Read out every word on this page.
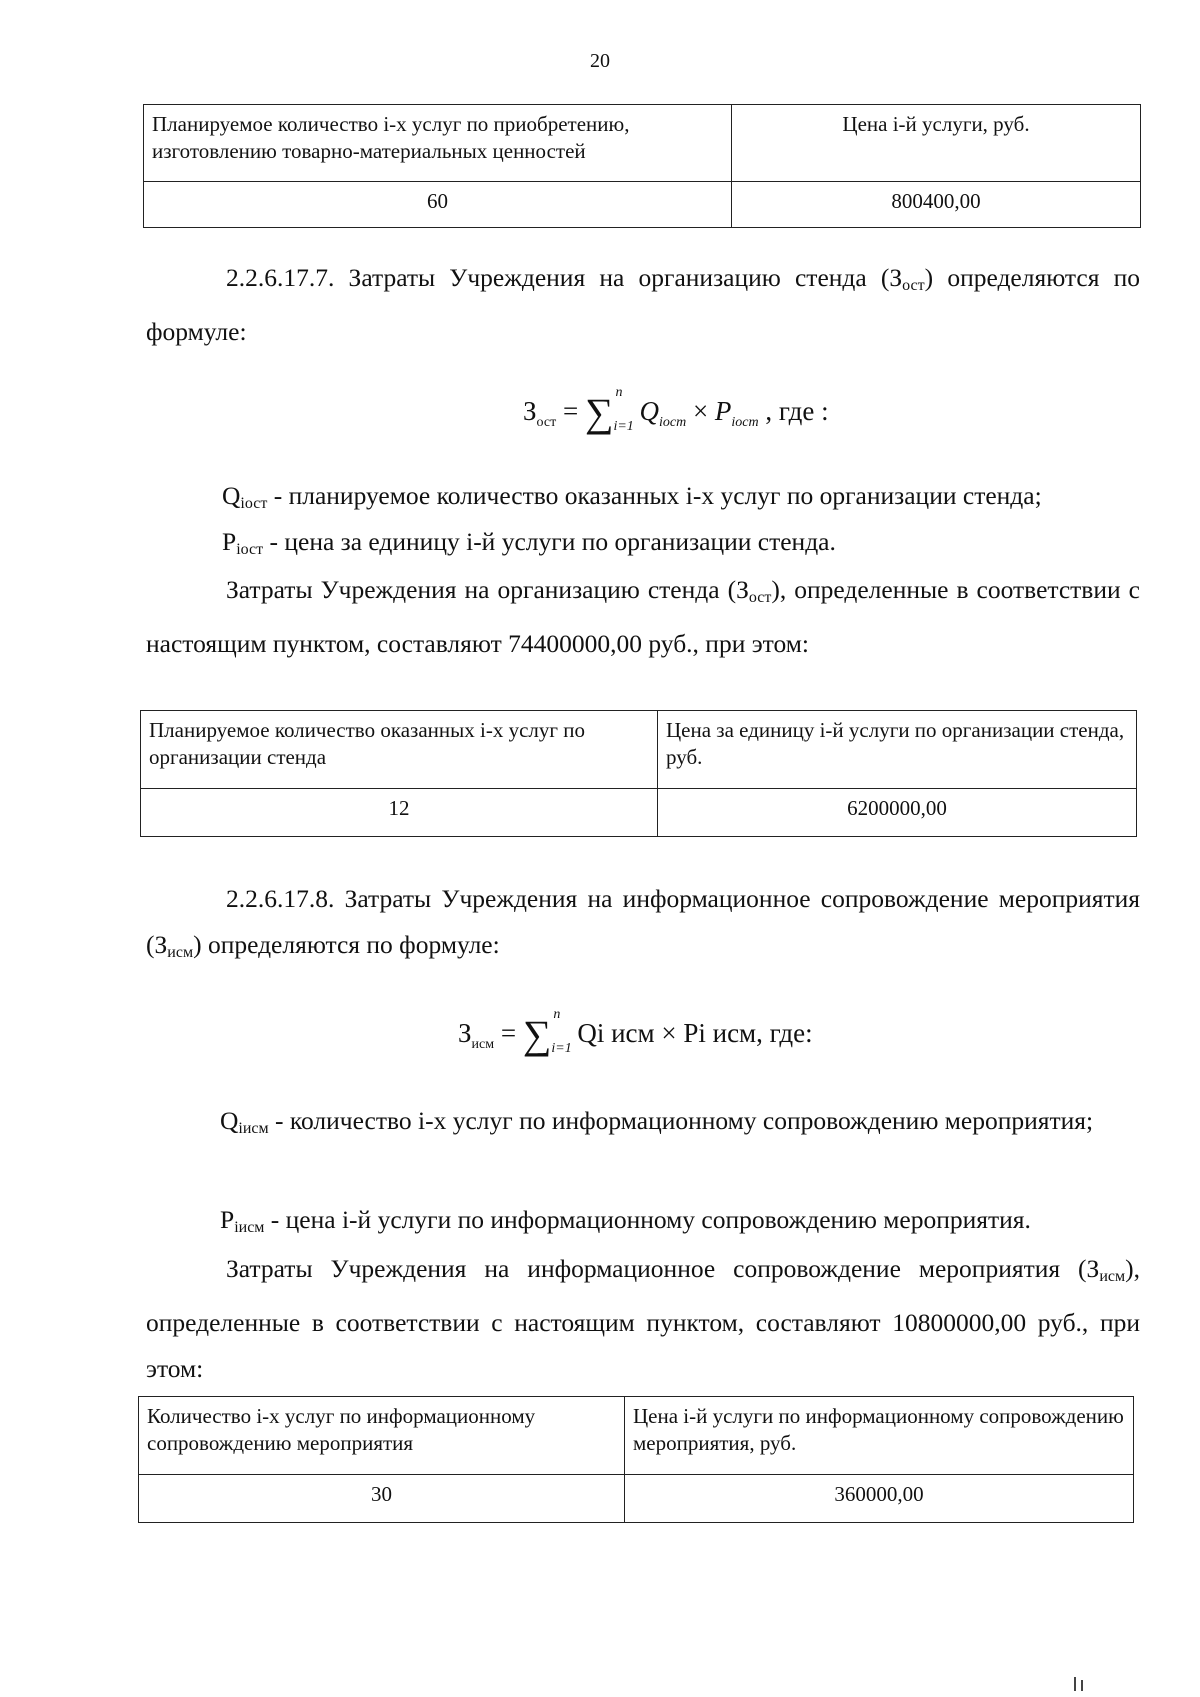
20
Планируемое количество i-х услуг по приобретению, изготовлению товарно-материальных ценностей	Цена i-й услуги, руб.
60	800400,00

2.2.6.17.7. Затраты Учреждения на организацию стенда $(З_{ост})$ определяются по формуле:

$З_{ост}$ = ∑ n
i=1
$Q_{iост} \times P_{iост}$ , где :

$Q_{iост}$ - планируемое количество оказанных i-х услуг по организации стенда;

$P_{iост}$ - цена за единицу i-й услуги по организации стенда.

Затраты Учреждения на организацию стенда $(З_{ост})$, определенные в соответствии с настоящим пунктом, составляют 74400000,00 руб., при этом:

Планируемое количество оказанных i-х услуг по организации стенда	Цена за единицу i-й услуги по организации стенда, руб.
12	6200000,00

2.2.6.17.8. Затраты Учреждения на информационное сопровождение мероприятия $(З_{исм})$ определяются по формуле:

$З_{исм}$ = ∑ n
i=1
Qi исм × Pi исм, где:

$Q_{iисм}$ - количество i-х услуг по информационному сопровождению мероприятия;

$P_{iисм}$ - цена i-й услуги по информационному сопровождению мероприятия.

Затраты Учреждения на информационное сопровождение мероприятия $(З_{исм})$, определенные в соответствии с настоящим пунктом, составляют 10800000,00 руб., при этом:

Количество i-х услуг по информационному сопровождению мероприятия	Цена i-й услуги по информационному сопровождению мероприятия, руб.
30	360000,00
